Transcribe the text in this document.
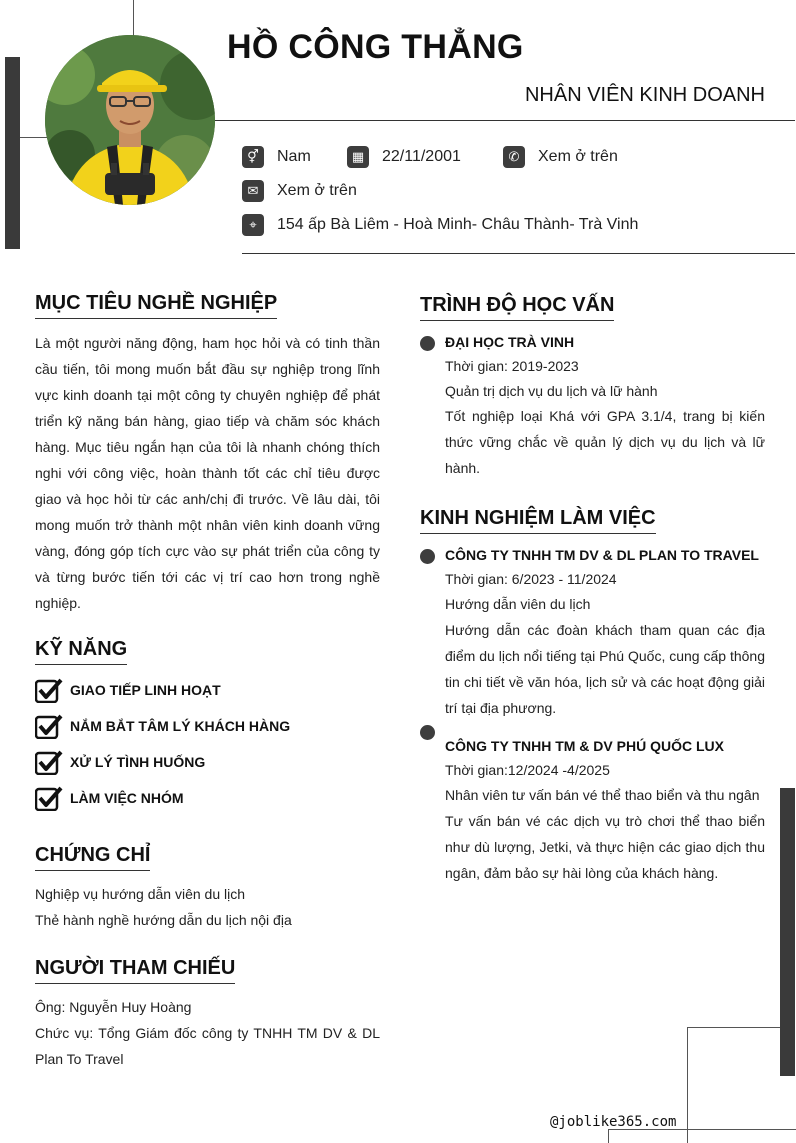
HỒ CÔNG THẲNG
NHÂN VIÊN KINH DOANH
⚥	Nam	▦	22/11/2001	✆	Xem ở trên
✉	Xem ở trên
⌖	154 ấp Bà Liêm - Hoà Minh- Châu Thành- Trà Vinh
MỤC TIÊU NGHỀ NGHIỆP
Là một người năng động, ham học hỏi và có tinh thần cầu tiến, tôi mong muốn bắt đầu sự nghiệp trong lĩnh vực kinh doanh tại một công ty chuyên nghiệp để phát triển kỹ năng bán hàng, giao tiếp và chăm sóc khách hàng. Mục tiêu ngắn hạn của tôi là nhanh chóng thích nghi với công việc, hoàn thành tốt các chỉ tiêu được giao và học hỏi từ các anh/chị đi trước. Về lâu dài, tôi mong muốn trở thành một nhân viên kinh doanh vững vàng, đóng góp tích cực vào sự phát triển của công ty và từng bước tiến tới các vị trí cao hơn trong nghề nghiệp.
KỸ NĂNG
GIAO TIẾP LINH HOẠT
NẮM BẮT TÂM LÝ KHÁCH HÀNG
XỬ LÝ TÌNH HUỐNG
LÀM VIỆC NHÓM
CHỨNG CHỈ
Nghiệp vụ hướng dẫn viên du lịch
Thẻ hành nghề hướng dẫn du lịch nội địa
NGƯỜI THAM CHIẾU
Ông: Nguyễn Huy Hoàng
Chức vụ: Tổng Giám đốc công ty TNHH TM DV & DL Plan To Travel
TRÌNH ĐỘ HỌC VẤN
ĐẠI HỌC TRÀ VINH
Thời gian: 2019-2023
Quản trị dịch vụ du lịch và lữ hành
Tốt nghiệp loại Khá với GPA 3.1/4, trang bị kiến thức vững chắc về quản lý dịch vụ du lịch và lữ hành.
KINH NGHIỆM LÀM VIỆC
CÔNG TY TNHH TM DV & DL PLAN TO TRAVEL
Thời gian: 6/2023 - 11/2024
Hướng dẫn viên du lịch
Hướng dẫn các đoàn khách tham quan các địa điểm du lịch nổi tiếng tại Phú Quốc, cung cấp thông tin chi tiết về văn hóa, lịch sử và các hoạt động giải trí tại địa phương.
CÔNG TY TNHH TM & DV PHÚ QUỐC LUX
Thời gian:12/2024 -4/2025
Nhân viên tư vấn bán vé thể thao biển và thu ngân
Tư vấn bán vé các dịch vụ trò chơi thể thao biển như dù lượng, Jetki, và thực hiện các giao dịch thu ngân, đảm bảo sự hài lòng của khách hàng.
@joblike365.com
